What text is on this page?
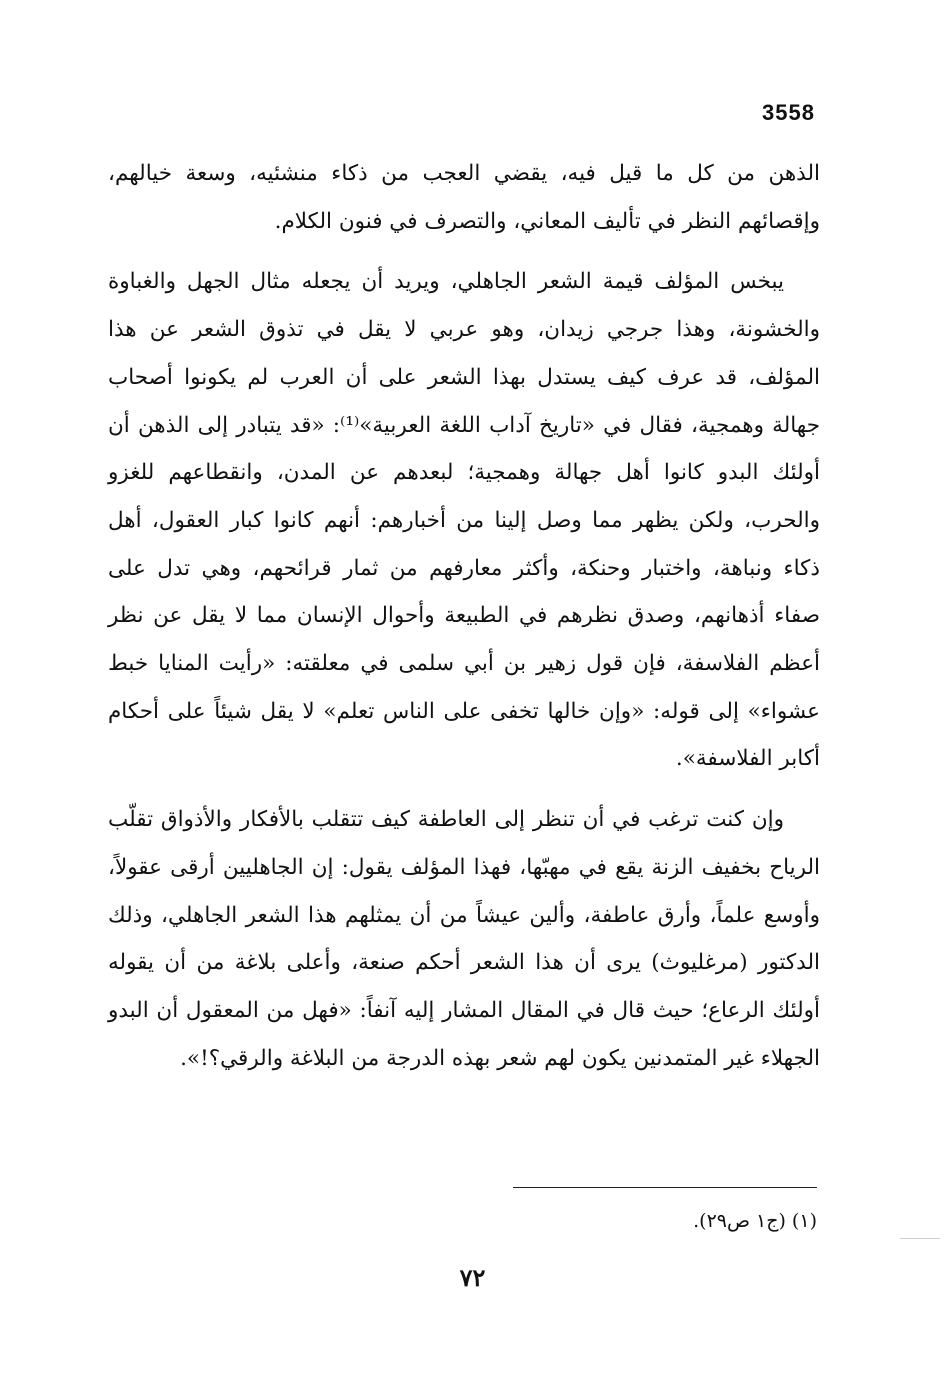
3558

الذهن من كل ما قيل فيه، يقضي العجب من ذكاء منشئيه، وسعة خيالهم، وإقصائهم النظر في تأليف المعاني، والتصرف في فنون الكلام.

يبخس المؤلف قيمة الشعر الجاهلي، ويريد أن يجعله مثال الجهل والغباوة والخشونة، وهذا جرجي زيدان، وهو عربي لا يقل في تذوق الشعر عن هذا المؤلف، قد عرف كيف يستدل بهذا الشعر على أن العرب لم يكونوا أصحاب جهالة وهمجية، فقال في «تاريخ آداب اللغة العربية»⁽¹⁾: «قد يتبادر إلى الذهن أن أولئك البدو كانوا أهل جهالة وهمجية؛ لبعدهم عن المدن، وانقطاعهم للغزو والحرب، ولكن يظهر مما وصل إلينا من أخبارهم: أنهم كانوا كبار العقول، أهل ذكاء ونباهة، واختبار وحنكة، وأكثر معارفهم من ثمار قرائحهم، وهي تدل على صفاء أذهانهم، وصدق نظرهم في الطبيعة وأحوال الإنسان مما لا يقل عن نظر أعظم الفلاسفة، فإن قول زهير بن أبي سلمى في معلقته: «رأيت المنايا خبط عشواء» إلى قوله: «وإن خالها تخفى على الناس تعلم» لا يقل شيئاً على أحكام أكابر الفلاسفة».

وإن كنت ترغب في أن تنظر إلى العاطفة كيف تتقلب بالأفكار والأذواق تقلّب الرياح بخفيف الزنة يقع في مهبّها، فهذا المؤلف يقول: إن الجاهليين أرقى عقولاً، وأوسع علماً، وأرق عاطفة، وألين عيشاً من أن يمثلهم هذا الشعر الجاهلي، وذلك الدكتور (مرغليوث) يرى أن هذا الشعر أحكم صنعة، وأعلى بلاغة من أن يقوله أولئك الرعاع؛ حيث قال في المقال المشار إليه آنفاً: «فهل من المعقول أن البدو الجهلاء غير المتمدنين يكون لهم شعر بهذه الدرجة من البلاغة والرقي؟!».

(١) (ج١ ص٢٩).
٧٢
